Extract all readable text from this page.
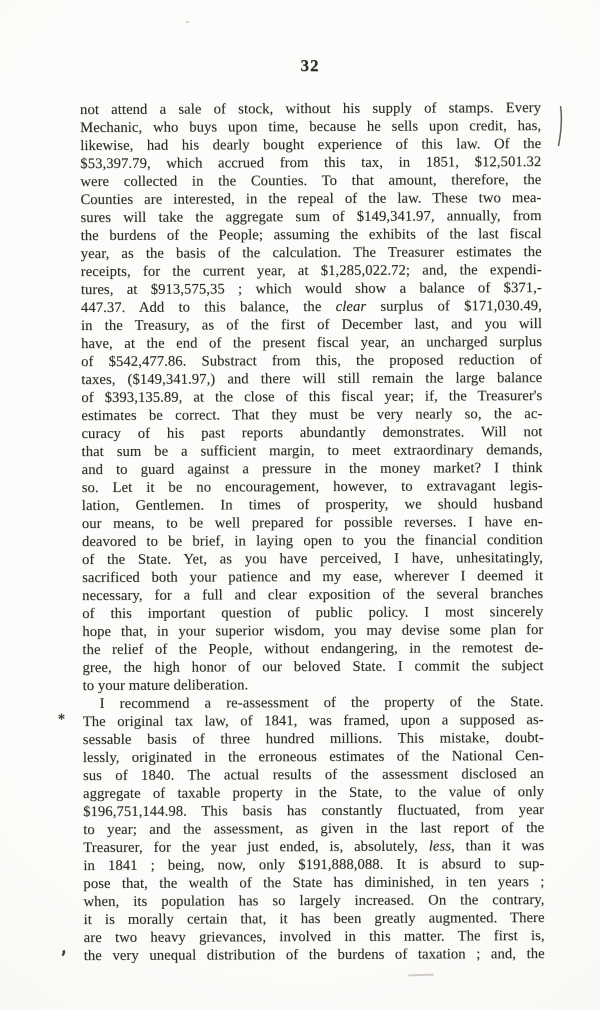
32
not attend a sale of stock, without his supply of stamps. Every
Mechanic, who buys upon time, because he sells upon credit, has,
likewise, had his dearly bought experience of this law. Of the
$53,397.79, which accrued from this tax, in 1851, $12,501.32
were collected in the Counties. To that amount, therefore, the
Counties are interested, in the repeal of the law. These two mea-
sures will take the aggregate sum of $149,341.97, annually, from
the burdens of the People; assuming the exhibits of the last fiscal
year, as the basis of the calculation. The Treasurer estimates the
receipts, for the current year, at $1,285,022.72; and, the expendi-
tures, at $913,575,35 ; which would show a balance of $371,-
447.37. Add to this balance, the clear surplus of $171,030.49,
in the Treasury, as of the first of December last, and you will
have, at the end of the present fiscal year, an uncharged surplus
of $542,477.86. Substract from this, the proposed reduction of
taxes, ($149,341.97,) and there will still remain the large balance
of $393,135.89, at the close of this fiscal year; if, the Treasurer's
estimates be correct. That they must be very nearly so, the ac-
curacy of his past reports abundantly demonstrates. Will not
that sum be a sufficient margin, to meet extraordinary demands,
and to guard against a pressure in the money market? I think
so. Let it be no encouragement, however, to extravagant legis-
lation, Gentlemen. In times of prosperity, we should husband
our means, to be well prepared for possible reverses. I have en-
deavored to be brief, in laying open to you the financial condition
of the State. Yet, as you have perceived, I have, unhesitatingly,
sacrificed both your patience and my ease, wherever I deemed it
necessary, for a full and clear exposition of the several branches
of this important question of public policy. I most sincerely
hope that, in your superior wisdom, you may devise some plan for
the relief of the People, without endangering, in the remotest de-
gree, the high honor of our beloved State. I commit the subject
to your mature deliberation.
I recommend a re-assessment of the property of the State.
The original tax law, of 1841, was framed, upon a supposed as-
sessable basis of three hundred millions. This mistake, doubt-
lessly, originated in the erroneous estimates of the National Cen-
sus of 1840. The actual results of the assessment disclosed an
aggregate of taxable property in the State, to the value of only
$196,751,144.98. This basis has constantly fluctuated, from year
to year; and the assessment, as given in the last report of the
Treasurer, for the year just ended, is, absolutely, less, than it was
in 1841 ; being, now, only $191,888,088. It is absurd to sup-
pose that, the wealth of the State has diminished, in ten years ;
when, its population has so largely increased. On the contrary,
it is morally certain that, it has been greatly augmented. There
are two heavy grievances, involved in this matter. The first is,
the very unequal distribution of the burdens of taxation ; and, the
*
,
